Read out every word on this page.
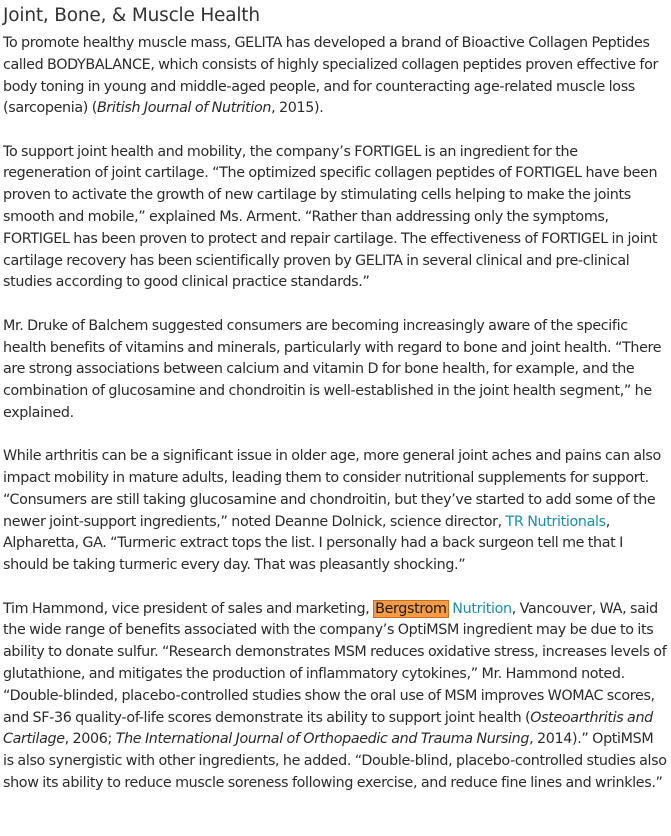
Joint, Bone, & Muscle Health

To promote healthy muscle mass, GELITA has developed a brand of Bioactive Collagen Peptides called BODYBALANCE, which consists of highly specialized collagen peptides proven effective for body toning in young and middle-aged people, and for counteracting age-related muscle loss (sarcopenia) (British Journal of Nutrition, 2015).

To support joint health and mobility, the company’s FORTIGEL is an ingredient for the regeneration of joint cartilage. “The optimized specific collagen peptides of FORTIGEL have been proven to activate the growth of new cartilage by stimulating cells helping to make the joints smooth and mobile,” explained Ms. Arment. “Rather than addressing only the symptoms, FORTIGEL has been proven to protect and repair cartilage. The effectiveness of FORTIGEL in joint cartilage recovery has been scientifically proven by GELITA in several clinical and pre-clinical studies according to good clinical practice standards.”

Mr. Druke of Balchem suggested consumers are becoming increasingly aware of the specific health benefits of vitamins and minerals, particularly with regard to bone and joint health. “There are strong associations between calcium and vitamin D for bone health, for example, and the combination of glucosamine and chondroitin is well-established in the joint health segment,” he explained.

While arthritis can be a significant issue in older age, more general joint aches and pains can also impact mobility in mature adults, leading them to consider nutritional supplements for support. “Consumers are still taking glucosamine and chondroitin, but they’ve started to add some of the newer joint-support ingredients,” noted Deanne Dolnick, science director, TR Nutritionals, Alpharetta, GA. “Turmeric extract tops the list. I personally had a back surgeon tell me that I should be taking turmeric every day. That was pleasantly shocking.”

Tim Hammond, vice president of sales and marketing, Bergstrom Nutrition, Vancouver, WA, said the wide range of benefits associated with the company’s OptiMSM ingredient may be due to its ability to donate sulfur. “Research demonstrates MSM reduces oxidative stress, increases levels of glutathione, and mitigates the production of inflammatory cytokines,” Mr. Hammond noted. “Double-blinded, placebo-controlled studies show the oral use of MSM improves WOMAC scores, and SF-36 quality-of-life scores demonstrate its ability to support joint health (Osteoarthritis and Cartilage, 2006; The International Journal of Orthopaedic and Trauma Nursing, 2014).” OptiMSM is also synergistic with other ingredients, he added. “Double-blind, placebo-controlled studies also show its ability to reduce muscle soreness following exercise, and reduce fine lines and wrinkles.”
